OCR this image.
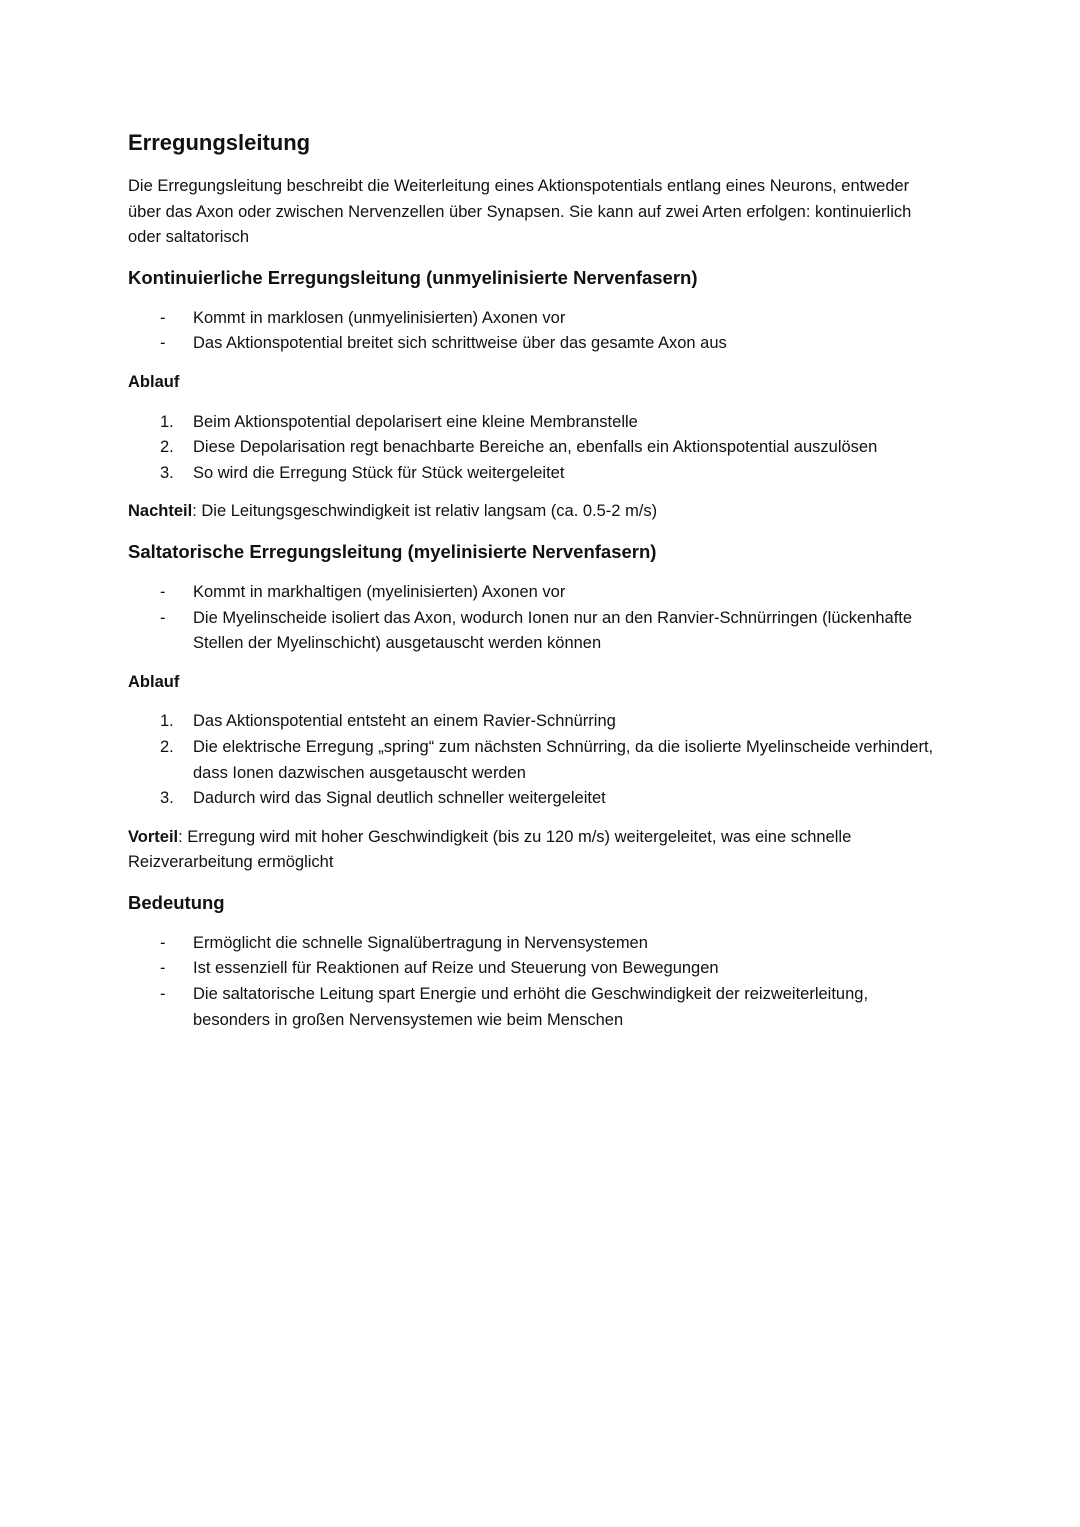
Erregungsleitung

Die Erregungsleitung beschreibt die Weiterleitung eines Aktionspotentials entlang eines Neurons, entweder über das Axon oder zwischen Nervenzellen über Synapsen. Sie kann auf zwei Arten erfolgen: kontinuierlich oder saltatorisch

Kontinuierliche Erregungsleitung (unmyelinisierte Nervenfasern)
- Kommt in marklosen (unmyelinisierten) Axonen vor
- Das Aktionspotential breitet sich schrittweise über das gesamte Axon aus
Ablauf
1. Beim Aktionspotential depolarisert eine kleine Membranstelle
2. Diese Depolarisation regt benachbarte Bereiche an, ebenfalls ein Aktionspotential auszulösen
3. So wird die Erregung Stück für Stück weitergeleitet

Nachteil: Die Leitungsgeschwindigkeit ist relativ langsam (ca. 0.5-2 m/s)

Saltatorische Erregungsleitung (myelinisierte Nervenfasern)
- Kommt in markhaltigen (myelinisierten) Axonen vor
- Die Myelinscheide isoliert das Axon, wodurch Ionen nur an den Ranvier-Schnürringen (lückenhafte Stellen der Myelinschicht) ausgetauscht werden können
Ablauf
1. Das Aktionspotential entsteht an einem Ravier-Schnürring
2. Die elektrische Erregung „spring“ zum nächsten Schnürring, da die isolierte Myelinscheide verhindert, dass Ionen dazwischen ausgetauscht werden
3. Dadurch wird das Signal deutlich schneller weitergeleitet

Vorteil: Erregung wird mit hoher Geschwindigkeit (bis zu 120 m/s) weitergeleitet, was eine schnelle Reizverarbeitung ermöglicht

Bedeutung
- Ermöglicht die schnelle Signalübertragung in Nervensystemen
- Ist essenziell für Reaktionen auf Reize und Steuerung von Bewegungen
- Die saltatorische Leitung spart Energie und erhöht die Geschwindigkeit der reizweiterleitung, besonders in großen Nervensystemen wie beim Menschen
